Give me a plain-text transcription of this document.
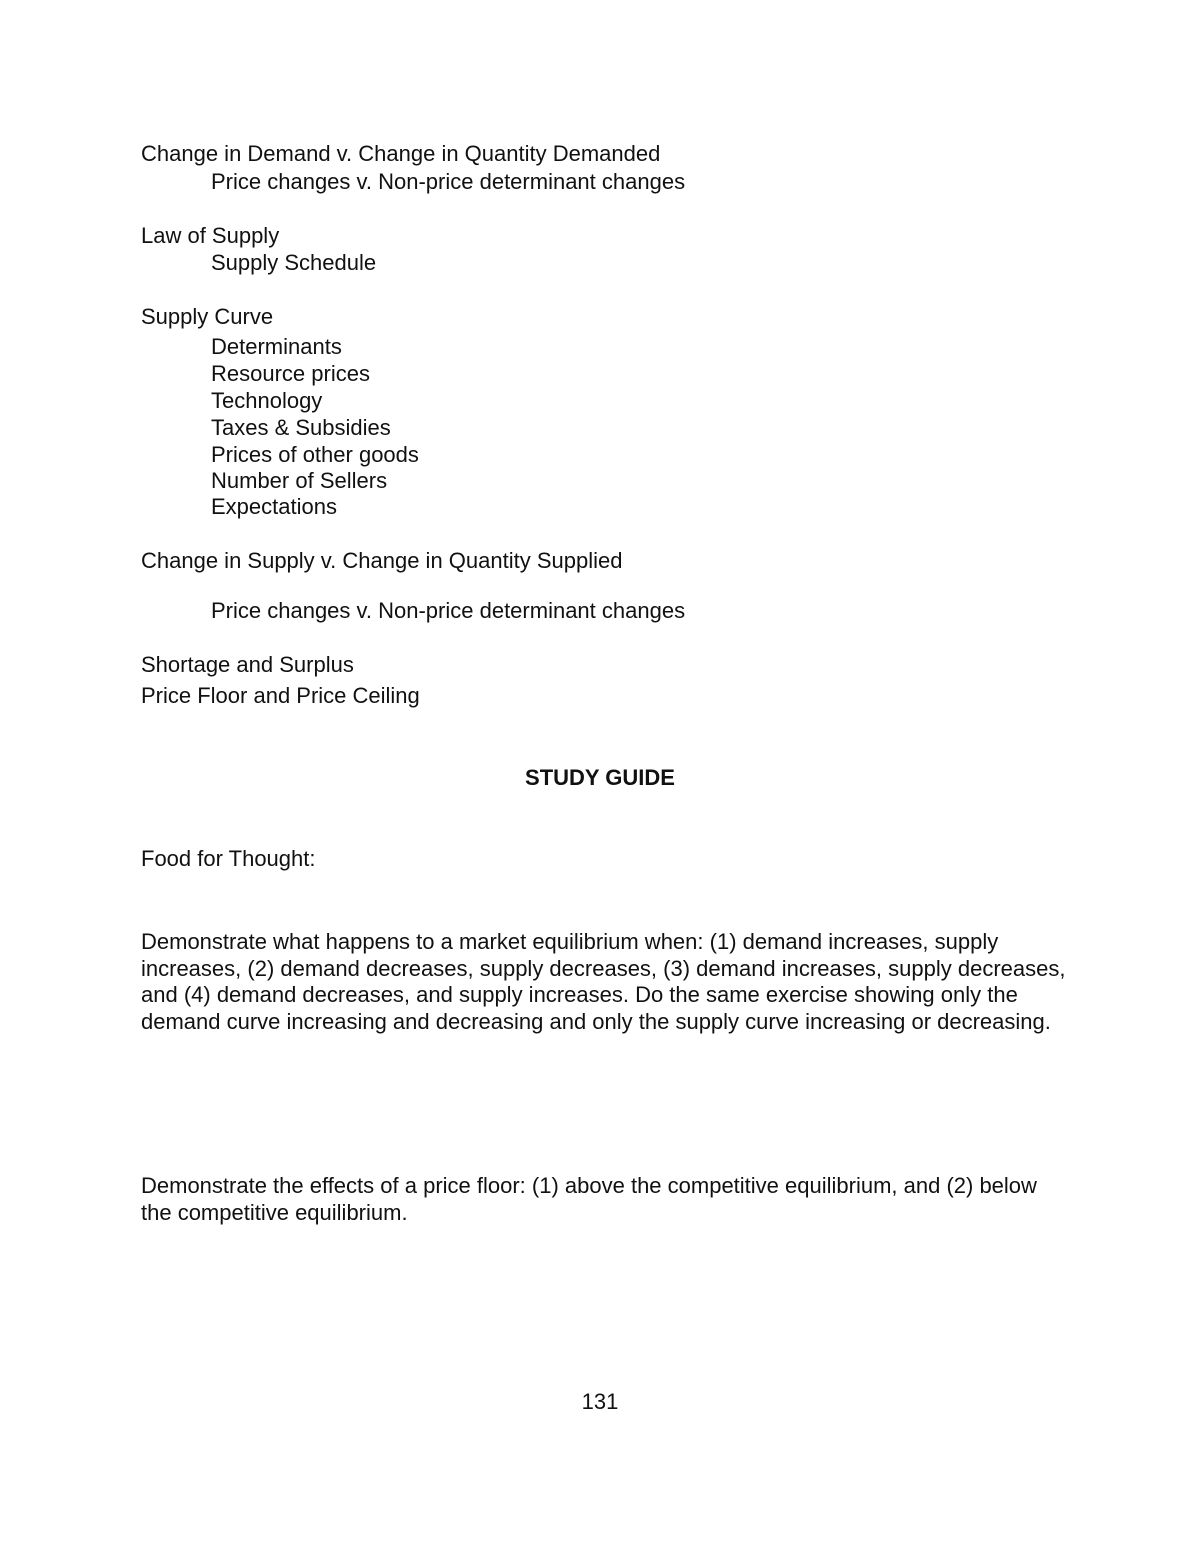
Change in Demand v. Change in Quantity Demanded
Price changes v. Non-price determinant changes
Law of Supply
Supply Schedule
Supply Curve
Determinants
Resource prices
Technology
Taxes & Subsidies
Prices of other goods
Number of Sellers
Expectations
Change in Supply v. Change in Quantity Supplied
Price changes v. Non-price determinant changes
Shortage and Surplus
Price Floor and Price Ceiling
STUDY GUIDE
Food for Thought:
Demonstrate what happens to a market equilibrium when: (1) demand increases, supply increases, (2) demand decreases, supply decreases, (3) demand increases, supply decreases, and (4) demand decreases, and supply increases. Do the same exercise showing only the demand curve increasing and decreasing and only the supply curve increasing or decreasing.
Demonstrate the effects of a price floor: (1) above the competitive equilibrium, and (2) below the competitive equilibrium.
131
